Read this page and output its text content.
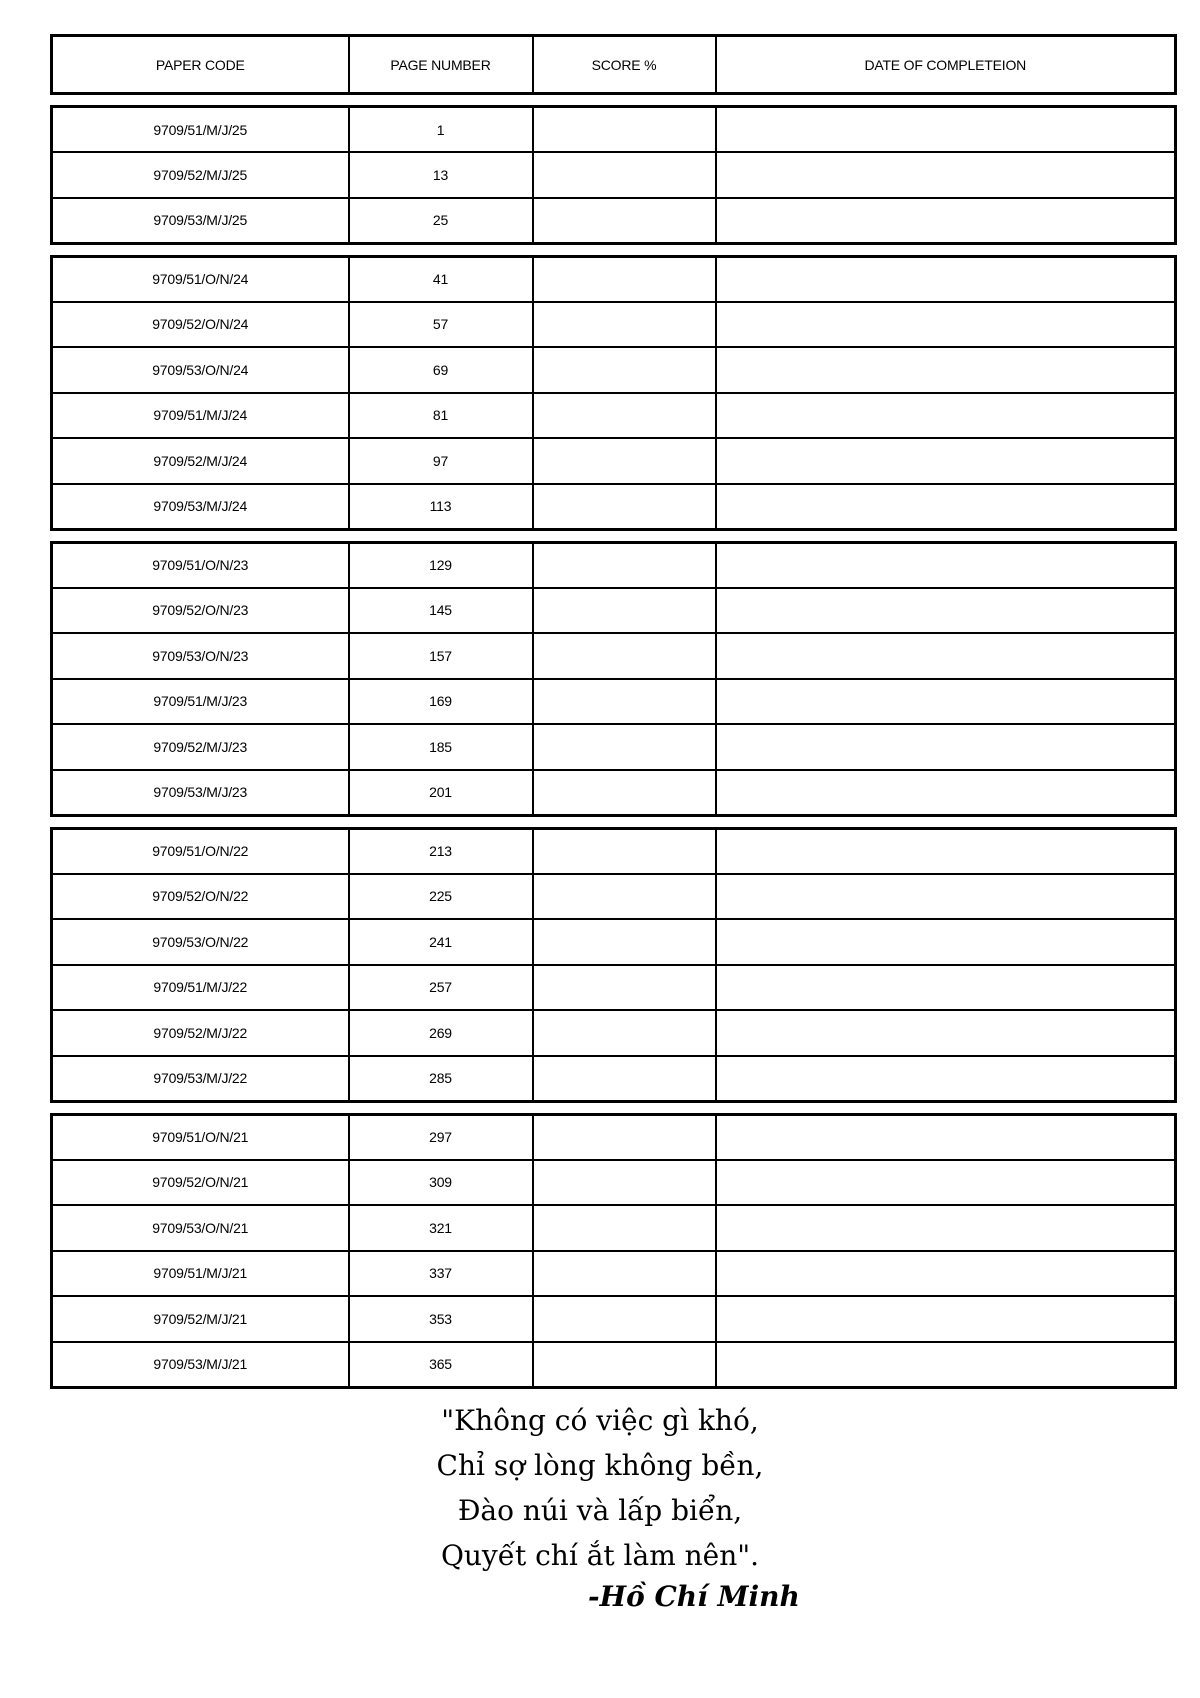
PAPER CODE	PAGE NUMBER	SCORE %	DATE OF COMPLETEION
9709/51/M/J/25	1		
9709/52/M/J/25	13		
9709/53/M/J/25	25		
9709/51/O/N/24	41		
9709/52/O/N/24	57		
9709/53/O/N/24	69		
9709/51/M/J/24	81		
9709/52/M/J/24	97		
9709/53/M/J/24	113		
9709/51/O/N/23	129		
9709/52/O/N/23	145		
9709/53/O/N/23	157		
9709/51/M/J/23	169		
9709/52/M/J/23	185		
9709/53/M/J/23	201		
9709/51/O/N/22	213		
9709/52/O/N/22	225		
9709/53/O/N/22	241		
9709/51/M/J/22	257		
9709/52/M/J/22	269		
9709/53/M/J/22	285		
9709/51/O/N/21	297		
9709/52/O/N/21	309		
9709/53/O/N/21	321		
9709/51/M/J/21	337		
9709/52/M/J/21	353		
9709/53/M/J/21	365		
"Không có việc gì khó,
Chỉ sợ lòng không bền,
Đào núi và lấp biển,
Quyết chí ắt làm nên".
-Hồ Chí Minh
